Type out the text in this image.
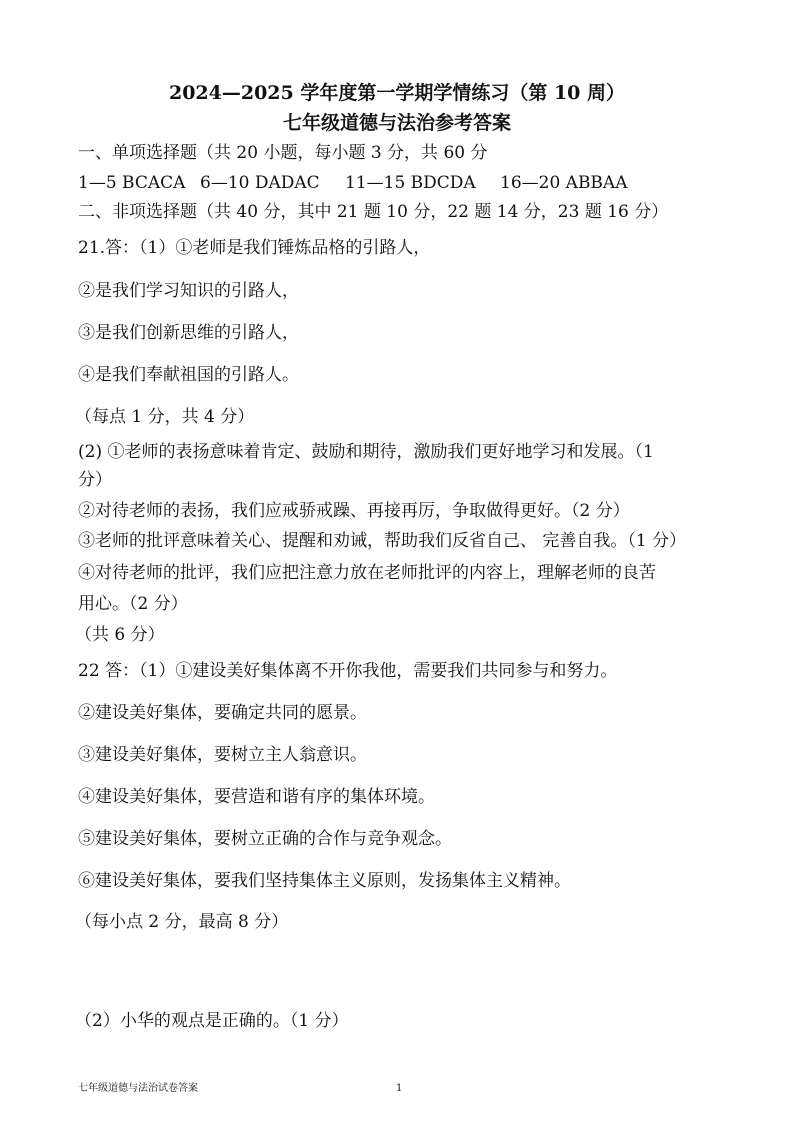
2024—2025 学年度第一学期学情练习（第 10 周）
七年级道德与法治参考答案
一、单项选择题（共 20 小题，每小题 3 分，共 60 分
1—5 BCACA 6—10 DADAC 11—15 BDCDA 16—20 ABBAA
二、非项选择题（共 40 分，其中 21 题 10 分，22 题 14 分，23 题 16 分）
21.答：（1）①老师是我们锤炼品格的引路人，
②是我们学习知识的引路人，
③是我们创新思维的引路人，
④是我们奉献祖国的引路人。
（每点 1 分，共 4 分）
(2) ①老师的表扬意味着肯定、鼓励和期待，激励我们更好地学习和发展。（1
分）
②对待老师的表扬，我们应戒骄戒躁、再接再厉，争取做得更好。（2 分）
③老师的批评意味着关心、提醒和劝诫，帮助我们反省自己、 完善自我。（1 分）
④对待老师的批评，我们应把注意力放在老师批评的内容上，理解老师的良苦
用心。（2 分）
（共 6 分）
22 答：（1）①建设美好集体离不开你我他，需要我们共同参与和努力。
②建设美好集体，要确定共同的愿景。
③建设美好集体，要树立主人翁意识。
④建设美好集体，要营造和谐有序的集体环境。
⑤建设美好集体，要树立正确的合作与竞争观念。
⑥建设美好集体，要我们坚持集体主义原则，发扬集体主义精神。
（每小点 2 分，最高 8 分）
（2）小华的观点是正确的。（1 分）
七年级道德与法治试卷答案	1
